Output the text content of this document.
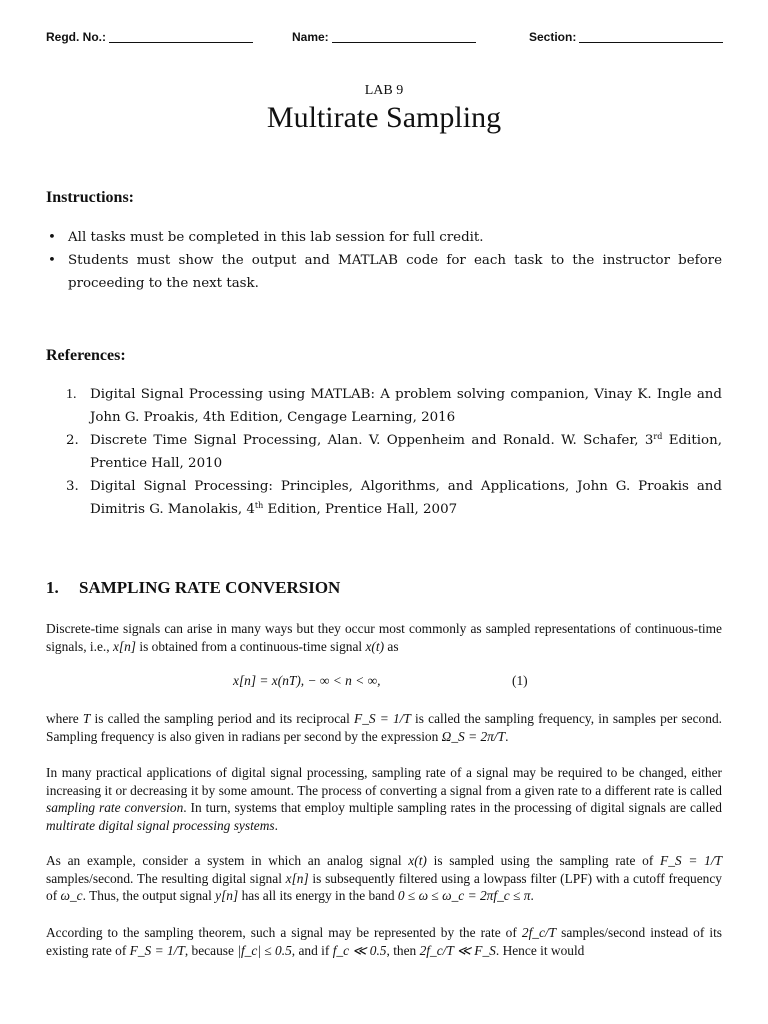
Regd. No.:	Name:	Section:
LAB 9
Multirate Sampling
Instructions:
• All tasks must be completed in this lab session for full credit.
• Students must show the output and MATLAB code for each task to the instructor before proceeding to the next task.
References:
1. Digital Signal Processing using MATLAB: A problem solving companion, Vinay K. Ingle and John G. Proakis, 4th Edition, Cengage Learning, 2016
2. Discrete Time Signal Processing, Alan. V. Oppenheim and Ronald. W. Schafer, 3rd Edition, Prentice Hall, 2010
3. Digital Signal Processing: Principles, Algorithms, and Applications, John G. Proakis and Dimitris G. Manolakis, 4th Edition, Prentice Hall, 2007
1. SAMPLING RATE CONVERSION
Discrete-time signals can arise in many ways but they occur most commonly as sampled representations of continuous-time signals, i.e., x[n] is obtained from a continuous-time signal x(t) as
x[n] = x(nT), − ∞ < n < ∞,	(1)
where T is called the sampling period and its reciprocal F_S = 1/T is called the sampling frequency, in samples per second. Sampling frequency is also given in radians per second by the expression Ω_S = 2π/T.
In many practical applications of digital signal processing, sampling rate of a signal may be required to be changed, either increasing it or decreasing it by some amount. The process of converting a signal from a given rate to a different rate is called sampling rate conversion. In turn, systems that employ multiple sampling rates in the processing of digital signals are called multirate digital signal processing systems.
As an example, consider a system in which an analog signal x(t) is sampled using the sampling rate of F_S = 1/T samples/second. The resulting digital signal x[n] is subsequently filtered using a lowpass filter (LPF) with a cutoff frequency of ω_c. Thus, the output signal y[n] has all its energy in the band 0 ≤ ω ≤ ω_c = 2πf_c ≤ π.
According to the sampling theorem, such a signal may be represented by the rate of 2f_c/T samples/second instead of its existing rate of F_S = 1/T, because |f_c| ≤ 0.5, and if f_c ≪ 0.5, then 2f_c/T ≪ F_S. Hence it would
